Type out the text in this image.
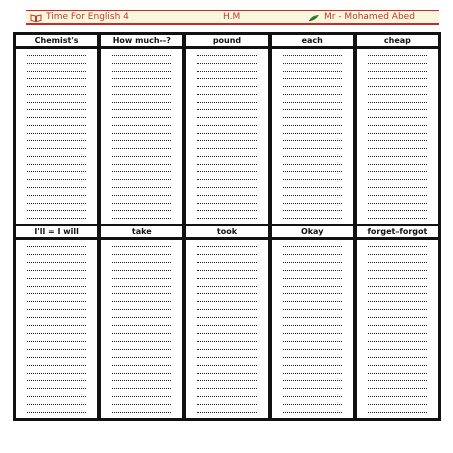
Time For English 4	H.M	Mr - Mohamed Abed
Chemist's	How much--?	pound	each	cheap
I'll = I will	take	took	Okay	forget–forgot
